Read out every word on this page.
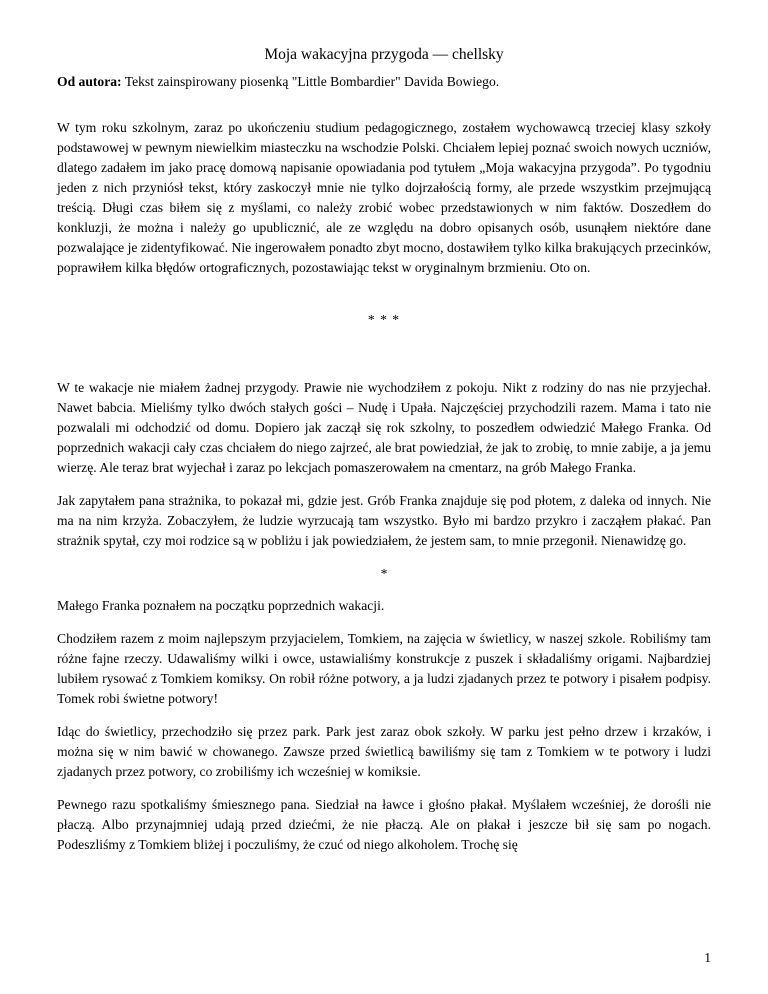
Moja wakacyjna przygoda — chellsky

Od autora: Tekst zainspirowany piosenką "Little Bombardier" Davida Bowiego.

W tym roku szkolnym, zaraz po ukończeniu studium pedagogicznego, zostałem wychowawcą trzeciej klasy szkoły podstawowej w pewnym niewielkim miasteczku na wschodzie Polski. Chciałem lepiej poznać swoich nowych uczniów, dlatego zadałem im jako pracę domową napisanie opowiadania pod tytułem „Moja wakacyjna przygoda”. Po tygodniu jeden z nich przyniósł tekst, który zaskoczył mnie nie tylko dojrzałością formy, ale przede wszystkim przejmującą treścią. Długi czas biłem się z myślami, co należy zrobić wobec przedstawionych w nim faktów. Doszedłem do konkluzji, że można i należy go upublicznić, ale ze względu na dobro opisanych osób, usunąłem niektóre dane pozwalające je zidentyfikować. Nie ingerowałem ponadto zbyt mocno, dostawiłem tylko kilka brakujących przecinków, poprawiłem kilka błędów ortograficznych, pozostawiając tekst w oryginalnym brzmieniu. Oto on.

* * *

W te wakacje nie miałem żadnej przygody. Prawie nie wychodziłem z pokoju. Nikt z rodziny do nas nie przyjechał. Nawet babcia. Mieliśmy tylko dwóch stałych gości – Nudę i Upała. Najczęściej przychodzili razem. Mama i tato nie pozwalali mi odchodzić od domu. Dopiero jak zaczął się rok szkolny, to poszedłem odwiedzić Małego Franka. Od poprzednich wakacji cały czas chciałem do niego zajrzeć, ale brat powiedział, że jak to zrobię, to mnie zabije, a ja jemu wierzę. Ale teraz brat wyjechał i zaraz po lekcjach pomaszerowałem na cmentarz, na grób Małego Franka.

Jak zapytałem pana strażnika, to pokazał mi, gdzie jest. Grób Franka znajduje się pod płotem, z daleka od innych. Nie ma na nim krzyża. Zobaczyłem, że ludzie wyrzucają tam wszystko. Było mi bardzo przykro i zacząłem płakać. Pan strażnik spytał, czy moi rodzice są w pobliżu i jak powiedziałem, że jestem sam, to mnie przegonił. Nienawidzę go.

*

Małego Franka poznałem na początku poprzednich wakacji.

Chodziłem razem z moim najlepszym przyjacielem, Tomkiem, na zajęcia w świetlicy, w naszej szkole. Robiliśmy tam różne fajne rzeczy. Udawaliśmy wilki i owce, ustawialiśmy konstrukcje z puszek i składaliśmy origami. Najbardziej lubiłem rysować z Tomkiem komiksy. On robił różne potwory, a ja ludzi zjadanych przez te potwory i pisałem podpisy. Tomek robi świetne potwory!

Idąc do świetlicy, przechodziło się przez park. Park jest zaraz obok szkoły. W parku jest pełno drzew i krzaków, i można się w nim bawić w chowanego. Zawsze przed świetlicą bawiliśmy się tam z Tomkiem w te potwory i ludzi zjadanych przez potwory, co zrobiliśmy ich wcześniej w komiksie.

Pewnego razu spotkaliśmy śmiesznego pana. Siedział na ławce i głośno płakał. Myślałem wcześniej, że dorośli nie płaczą. Albo przynajmniej udają przed dziećmi, że nie płaczą. Ale on płakał i jeszcze bił się sam po nogach. Podeszliśmy z Tomkiem bliżej i poczuliśmy, że czuć od niego alkoholem. Trochę się

1
